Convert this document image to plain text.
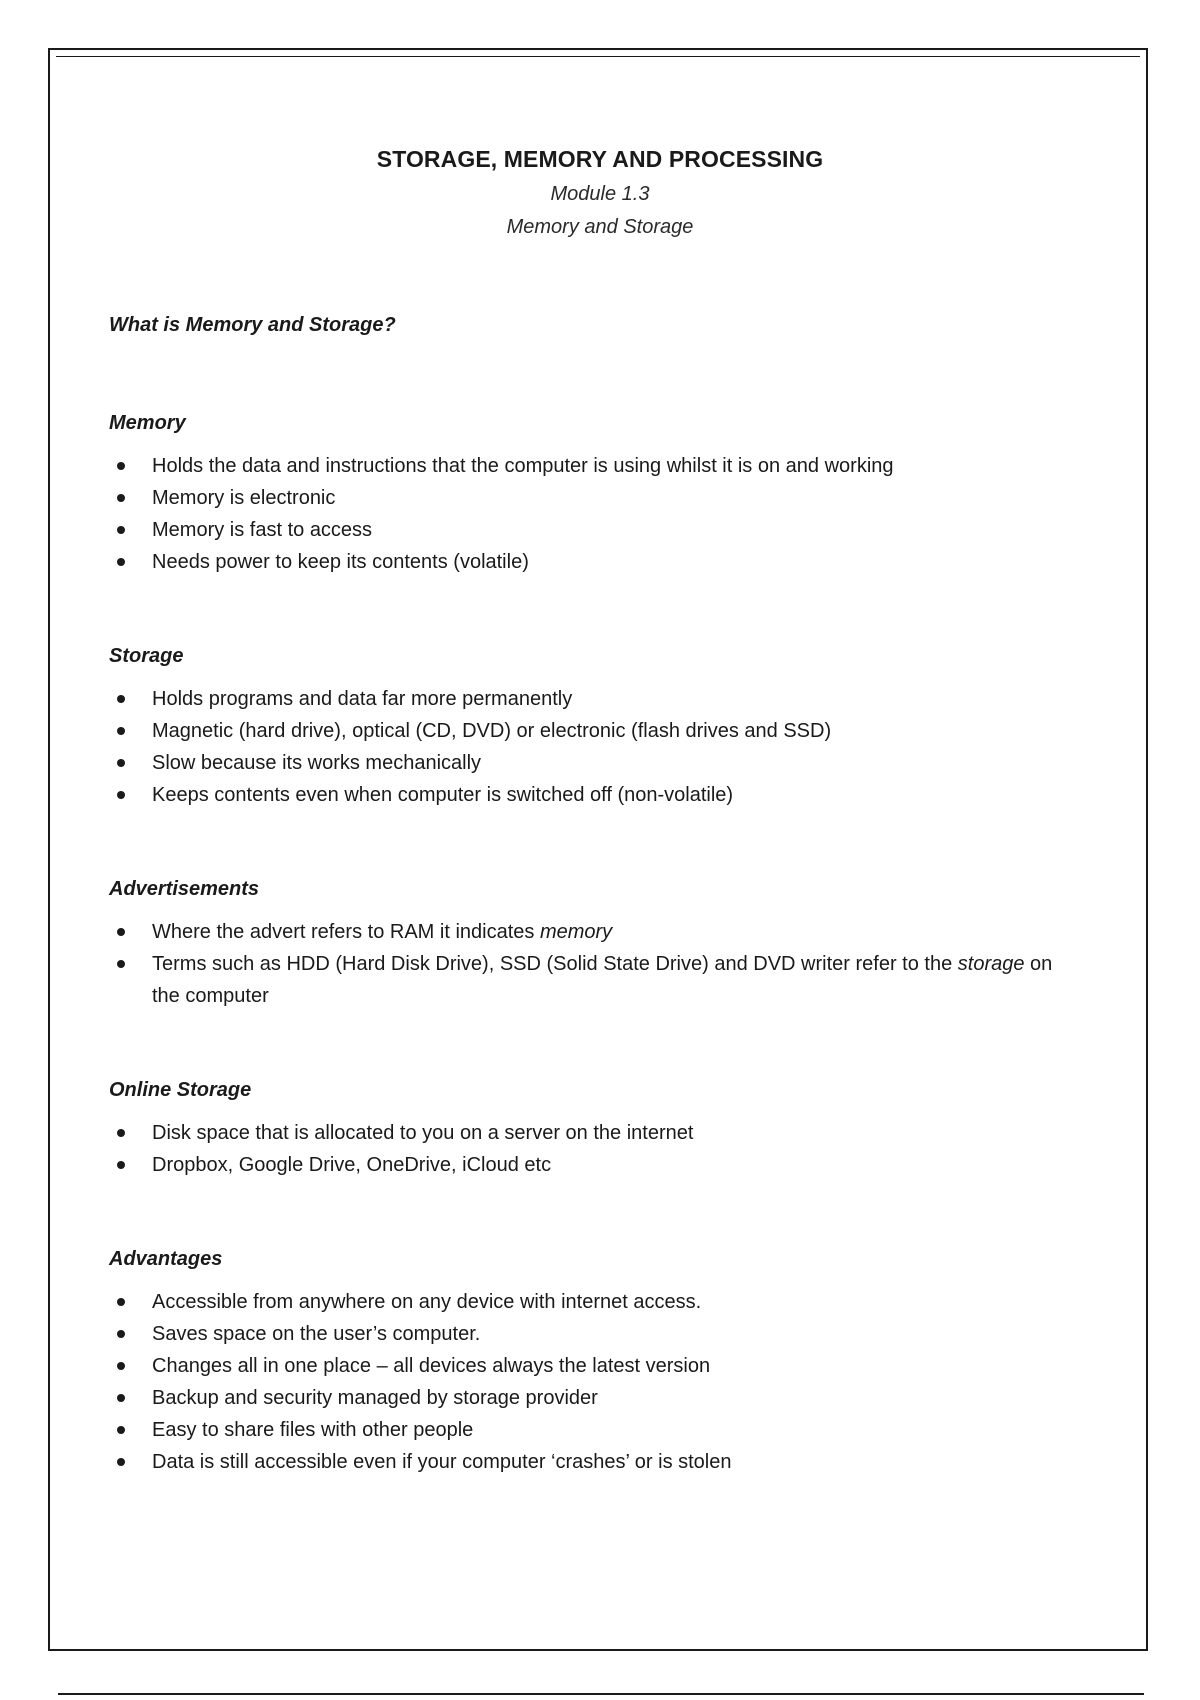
STORAGE, MEMORY AND PROCESSING
Module 1.3
Memory and Storage
What is Memory and Storage?
Memory
Holds the data and instructions that the computer is using whilst it is on and working
Memory is electronic
Memory is fast to access
Needs power to keep its contents (volatile)
Storage
Holds programs and data far more permanently
Magnetic (hard drive), optical (CD, DVD) or electronic (flash drives and SSD)
Slow because its works mechanically
Keeps contents even when computer is switched off (non-volatile)
Advertisements
Where the advert refers to RAM it indicates memory
Terms such as HDD (Hard Disk Drive), SSD (Solid State Drive) and DVD writer refer to the storage on the computer
Online Storage
Disk space that is allocated to you on a server on the internet
Dropbox, Google Drive, OneDrive, iCloud etc
Advantages
Accessible from anywhere on any device with internet access.
Saves space on the user’s computer.
Changes all in one place – all devices always the latest version
Backup and security managed by storage provider
Easy to share files with other people
Data is still accessible even if your computer ‘crashes’ or is stolen
